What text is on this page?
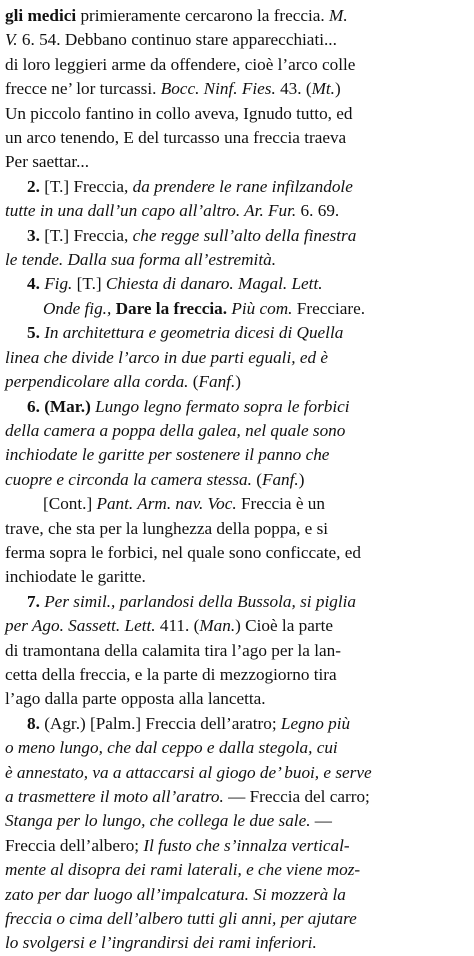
gli medici primieramente cercarono la freccia. M.
V. 6. 54. Debbano continuo stare apparecchiati...
di loro leggieri arme da offendere, cioè l’arco colle
frecce ne’ lor turcassi. Bocc. Ninf. Fies. 43. (Mt.)
Un piccolo fantino in collo aveva, Ignudo tutto, ed
un arco tenendo, E del turcasso una freccia traeva
Per saettar...
2. [T.] Freccia, da prendere le rane infilzandole
tutte in una dall’un capo all’altro. Ar. Fur. 6. 69.
3. [T.] Freccia, che regge sull’alto della finestra
le tende. Dalla sua forma all’estremità.
4. Fig. [T.] Chiesta di danaro. Magal. Lett.
Onde fig., Dare la freccia. Più com. Frecciare.
5. In architettura e geometria dicesi di Quella
linea che divide l’arco in due parti eguali, ed è
perpendicolare alla corda. (Fanf.)
6. (Mar.) Lungo legno fermato sopra le forbici
della camera a poppa della galea, nel quale sono
inchiodate le garitte per sostenere il panno che
cuopre e circonda la camera stessa. (Fanf.)
[Cont.] Pant. Arm. nav. Voc. Freccia è un
trave, che sta per la lunghezza della poppa, e si
ferma sopra le forbici, nel quale sono conficcate, ed
inchiodate le garitte.
7. Per simil., parlandosi della Bussola, si piglia
per Ago. Sassett. Lett. 411. (Man.) Cioè la parte
di tramontana della calamita tira l’ago per la lan-
cetta della freccia, e la parte di mezzogiorno tira
l’ago dalla parte opposta alla lancetta.
8. (Agr.) [Palm.] Freccia dell’aratro; Legno più
o meno lungo, che dal ceppo e dalla stegola, cui
è annestato, va a attaccarsi al giogo de’ buoi, e serve
a trasmettere il moto all’aratro. — Freccia del carro;
Stanga per lo lungo, che collega le due sale. —
Freccia dell’albero; Il fusto che s’innalza vertical-
mente al disopra dei rami laterali, e che viene moz-
zato per dar luogo all’impalcatura. Si mozzerà la
freccia o cima dell’albero tutti gli anni, per ajutare
lo svolgersi e l’ingrandirsi dei rami inferiori.
